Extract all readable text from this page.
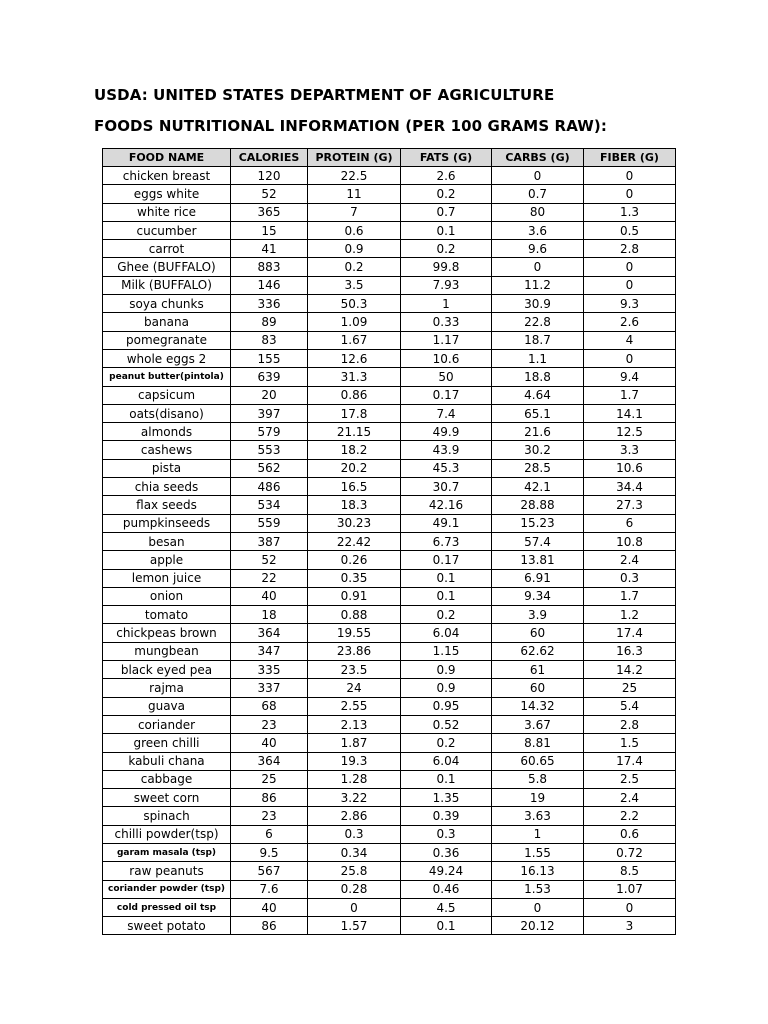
USDA: UNITED STATES DEPARTMENT OF AGRICULTURE
FOODS NUTRITIONAL INFORMATION (PER 100 GRAMS RAW):
FOOD NAME	CALORIES	PROTEIN (G)	FATS (G)	CARBS (G)	FIBER (G)
chicken breast	120	22.5	2.6	0	0
eggs white	52	11	0.2	0.7	0
white rice	365	7	0.7	80	1.3
cucumber	15	0.6	0.1	3.6	0.5
carrot	41	0.9	0.2	9.6	2.8
Ghee (BUFFALO)	883	0.2	99.8	0	0
Milk (BUFFALO)	146	3.5	7.93	11.2	0
soya chunks	336	50.3	1	30.9	9.3
banana	89	1.09	0.33	22.8	2.6
pomegranate	83	1.67	1.17	18.7	4
whole eggs 2	155	12.6	10.6	1.1	0
peanut butter(pintola)	639	31.3	50	18.8	9.4
capsicum	20	0.86	0.17	4.64	1.7
oats(disano)	397	17.8	7.4	65.1	14.1
almonds	579	21.15	49.9	21.6	12.5
cashews	553	18.2	43.9	30.2	3.3
pista	562	20.2	45.3	28.5	10.6
chia seeds	486	16.5	30.7	42.1	34.4
flax seeds	534	18.3	42.16	28.88	27.3
pumpkinseeds	559	30.23	49.1	15.23	6
besan	387	22.42	6.73	57.4	10.8
apple	52	0.26	0.17	13.81	2.4
lemon juice	22	0.35	0.1	6.91	0.3
onion	40	0.91	0.1	9.34	1.7
tomato	18	0.88	0.2	3.9	1.2
chickpeas brown	364	19.55	6.04	60	17.4
mungbean	347	23.86	1.15	62.62	16.3
black eyed pea	335	23.5	0.9	61	14.2
rajma	337	24	0.9	60	25
guava	68	2.55	0.95	14.32	5.4
coriander	23	2.13	0.52	3.67	2.8
green chilli	40	1.87	0.2	8.81	1.5
kabuli chana	364	19.3	6.04	60.65	17.4
cabbage	25	1.28	0.1	5.8	2.5
sweet corn	86	3.22	1.35	19	2.4
spinach	23	2.86	0.39	3.63	2.2
chilli powder(tsp)	6	0.3	0.3	1	0.6
garam masala (tsp)	9.5	0.34	0.36	1.55	0.72
raw peanuts	567	25.8	49.24	16.13	8.5
coriander powder (tsp)	7.6	0.28	0.46	1.53	1.07
cold pressed oil tsp	40	0	4.5	0	0
sweet potato	86	1.57	0.1	20.12	3
